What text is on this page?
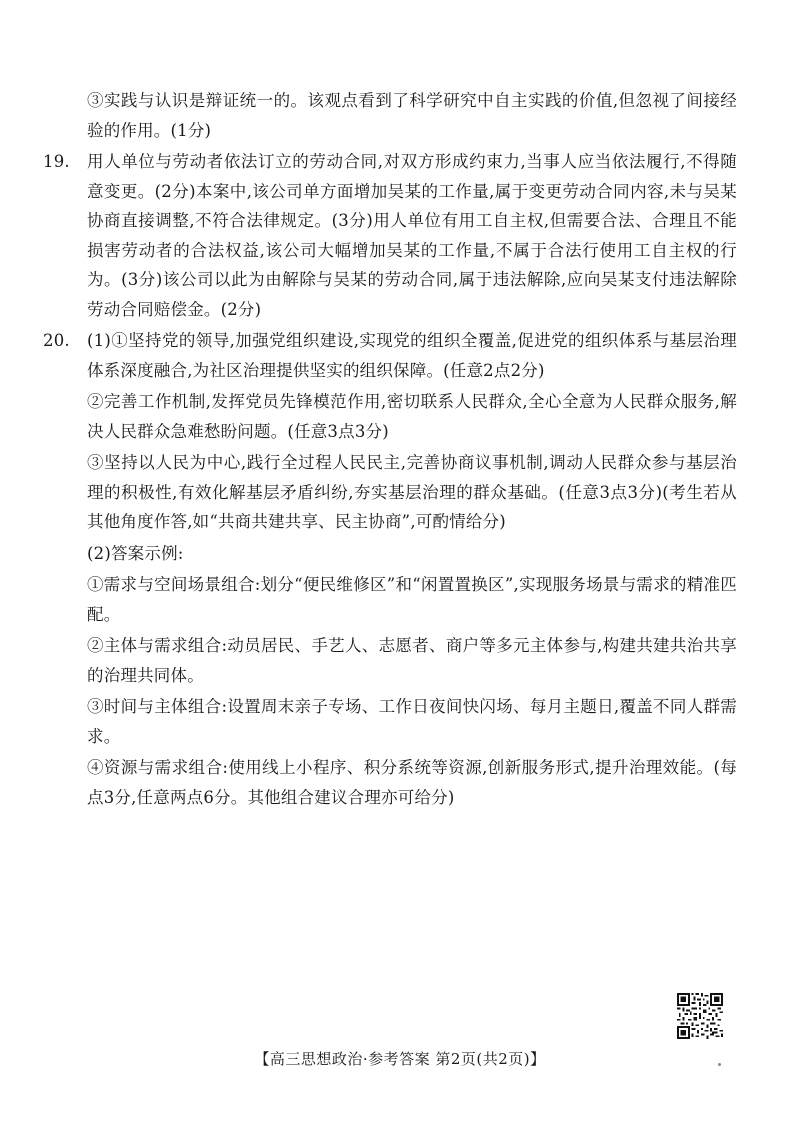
③实践与认识是辩证统一的。该观点看到了科学研究中自主实践的价值,但忽视了间接经验的作用。(1分)

19.	用人单位与劳动者依法订立的劳动合同,对双方形成约束力,当事人应当依法履行,不得随意变更。(2分)本案中,该公司单方面增加吴某的工作量,属于变更劳动合同内容,未与吴某协商直接调整,不符合法律规定。(3分)用人单位有用工自主权,但需要合法、合理且不能损害劳动者的合法权益,该公司大幅增加吴某的工作量,不属于合法行使用工自主权的行为。(3分)该公司以此为由解除与吴某的劳动合同,属于违法解除,应向吴某支付违法解除劳动合同赔偿金。(2分)

20.	(1)①坚持党的领导,加强党组织建设,实现党的组织全覆盖,促进党的组织体系与基层治理体系深度融合,为社区治理提供坚实的组织保障。(任意2点2分)

②完善工作机制,发挥党员先锋模范作用,密切联系人民群众,全心全意为人民群众服务,解决人民群众急难愁盼问题。(任意3点3分)

③坚持以人民为中心,践行全过程人民民主,完善协商议事机制,调动人民群众参与基层治理的积极性,有效化解基层矛盾纠纷,夯实基层治理的群众基础。(任意3点3分)(考生若从其他角度作答,如“共商共建共享、民主协商”,可酌情给分)

(2)答案示例:

①需求与空间场景组合:划分“便民维修区”和“闲置置换区”,实现服务场景与需求的精准匹配。

②主体与需求组合:动员居民、手艺人、志愿者、商户等多元主体参与,构建共建共治共享的治理共同体。

③时间与主体组合:设置周末亲子专场、工作日夜间快闪场、每月主题日,覆盖不同人群需求。

④资源与需求组合:使用线上小程序、积分系统等资源,创新服务形式,提升治理效能。(每点3分,任意两点6分。其他组合建议合理亦可给分)

【高三思想政治·参考答案 第2页(共2页)】
